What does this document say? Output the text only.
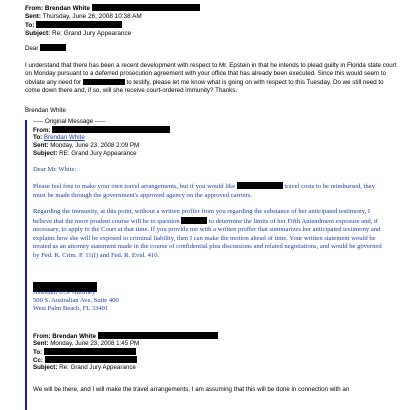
From: Brendan White
Sent: Thursday, June 26, 2008 10:38 AM
To:
Subject: Re: Grand Jury Appearance
Dear

I understand that there has been a recent development with respect to Mr. Epstein in that he intends to plead guilty in Florida state court on Monday pursuant to a deferred prosecution agreement with your office that has already been executed. Since this would seem to obviate any need for	to testify, please let me know what is going on with respect to this Tuesday. Do we still need to come down there and, if so, will she receive court-ordered immunity? Thanks.

Brendan White
----- Original Message -----
From:
To: Brendan White
Sent: Monday, June 23, 2008 2:09 PM
Subject: RE: Grand Jury Appearance
Dear Mr. White:

Please feel free to make your own travel arrangements, but if you would like	travel costs to be reimbursed, they must be made through the government's approved agency on the approved carriers.

Regarding the immunity, at this point, without a written proffer from you regarding the substance of her anticipated testimony, I believe that the more prudent course will be to question	to determine the limits of her Fifth Amendment exposure and, if necessary, to apply to the Court at that time. If you provide me with a written proffer that summarizes her anticipated testimony and explains how she will be exposed to criminal liability, then I can make the motion ahead of time. Your written statement would be treated as an attorney statement made in the course of confidential plea discussions and related negotiations, and would be governed by Fed. R. Crim. P. 11(f) and Fed. R. Evid. 410.

Assistant U.S. Attorney
500 S. Australian Ave, Suite 400
West Palm Beach, FL 33401
From: Brendan White
Sent: Monday, June 23, 2008 1:45 PM
To:
Cc:
Subject: Re: Grand Jury Appearance
We will be there, and I will make the travel arrangements. I am assuming that this will be done in connection with an
